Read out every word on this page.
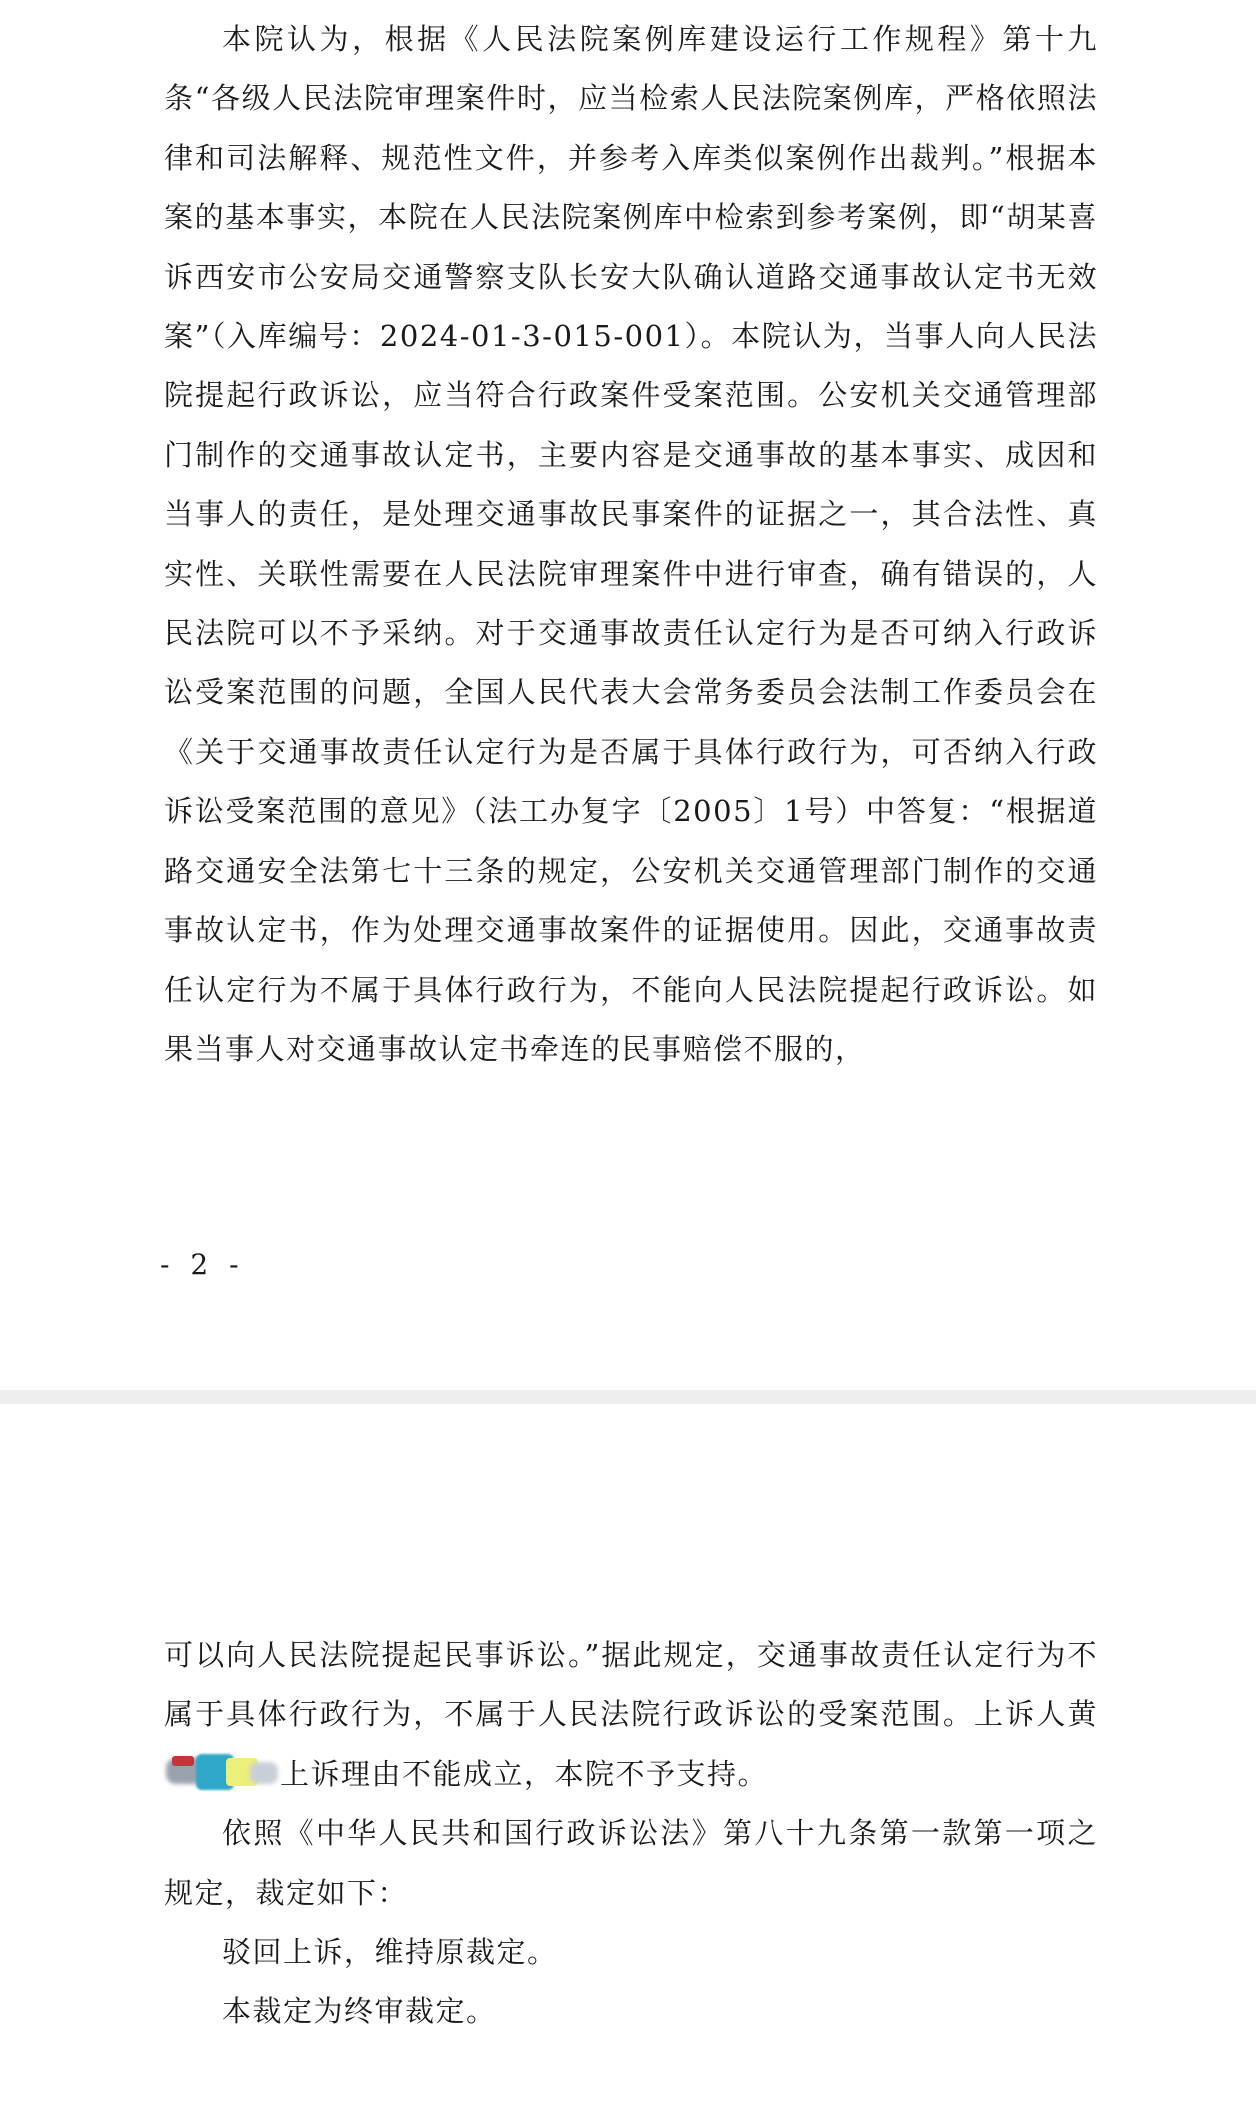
本院认为，根据《人民法院案例库建设运行工作规程》第十九条“各级人民法院审理案件时，应当检索人民法院案例库，严格依照法律和司法解释、规范性文件，并参考入库类似案例作出裁判。”根据本案的基本事实，本院在人民法院案例库中检索到参考案例，即“胡某喜诉西安市公安局交通警察支队长安大队确认道路交通事故认定书无效案”（入库编号：2024-01-3-015-001）。本院认为，当事人向人民法院提起行政诉讼，应当符合行政案件受案范围。公安机关交通管理部门制作的交通事故认定书，主要内容是交通事故的基本事实、成因和当事人的责任，是处理交通事故民事案件的证据之一，其合法性、真实性、关联性需要在人民法院审理案件中进行审查，确有错误的，人民法院可以不予采纳。对于交通事故责任认定行为是否可纳入行政诉讼受案范围的问题，全国人民代表大会常务委员会法制工作委员会在《关于交通事故责任认定行为是否属于具体行政行为，可否纳入行政诉讼受案范围的意见》（法工办复字〔2005〕1号）中答复：“根据道路交通安全法第七十三条的规定，公安机关交通管理部门制作的交通事故认定书，作为处理交通事故案件的证据使用。因此，交通事故责任认定行为不属于具体行政行为，不能向人民法院提起行政诉讼。如果当事人对交通事故认定书牵连的民事赔偿不服的，

- 2 -

可以向人民法院提起民事诉讼。”据此规定，交通事故责任认定行为不属于具体行政行为，不属于人民法院行政诉讼的受案范围。上诉人黄
上诉理由不能成立，本院不予支持。

依照《中华人民共和国行政诉讼法》第八十九条第一款第一项之规定，裁定如下：

驳回上诉，维持原裁定。

本裁定为终审裁定。
